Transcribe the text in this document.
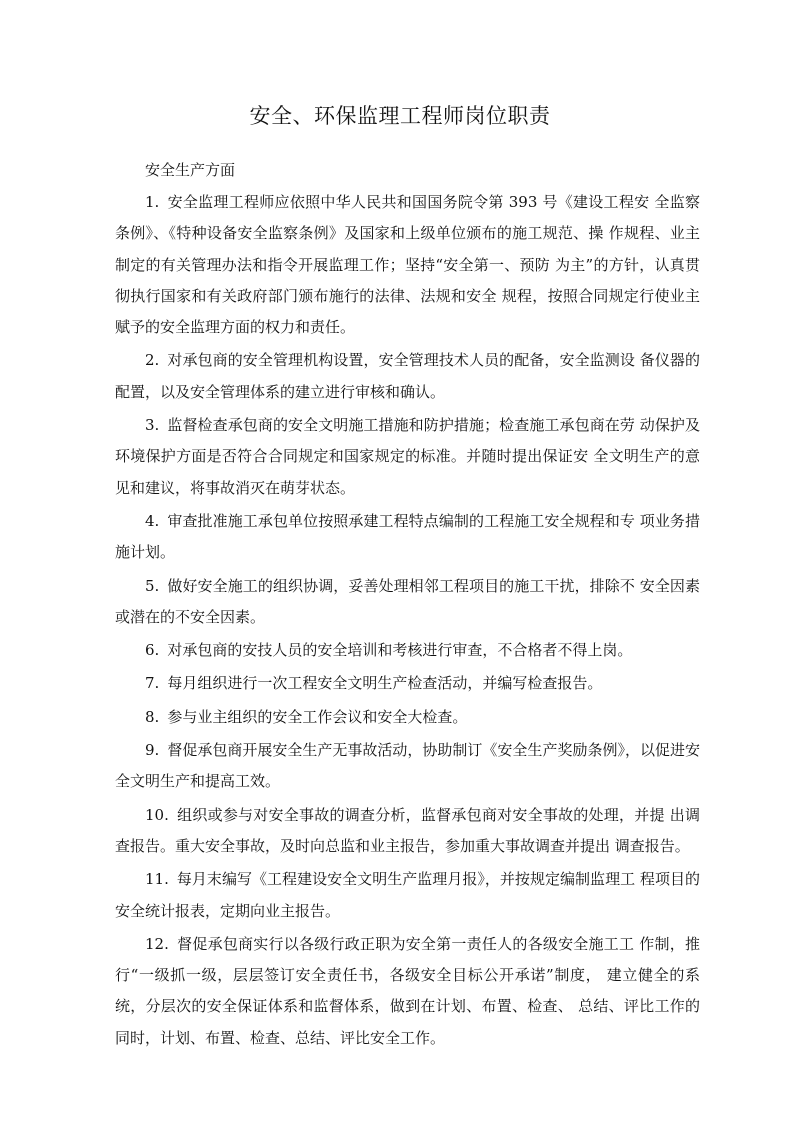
安全、环保监理工程师岗位职责
安全生产方面
1. 安全监理工程师应依照中华人民共和国国务院令第 393 号《建设工程安 全监察条例》、《特种设备安全监察条例》及国家和上级单位颁布的施工规范、操 作规程、业主制定的有关管理办法和指令开展监理工作；坚持“安全第一、预防 为主”的方针，认真贯彻执行国家和有关政府部门颁布施行的法律、法规和安全 规程，按照合同规定行使业主赋予的安全监理方面的权力和责任。
2. 对承包商的安全管理机构设置，安全管理技术人员的配备，安全监测设 备仪器的配置，以及安全管理体系的建立进行审核和确认。
3. 监督检查承包商的安全文明施工措施和防护措施；检查施工承包商在劳 动保护及环境保护方面是否符合合同规定和国家规定的标准。并随时提出保证安 全文明生产的意见和建议，将事故消灭在萌芽状态。
4. 审查批准施工承包单位按照承建工程特点编制的工程施工安全规程和专 项业务措施计划。
5. 做好安全施工的组织协调，妥善处理相邻工程项目的施工干扰，排除不 安全因素或潜在的不安全因素。
6. 对承包商的安技人员的安全培训和考核进行审查，不合格者不得上岗。
7. 每月组织进行一次工程安全文明生产检查活动，并编写检查报告。
8. 参与业主组织的安全工作会议和安全大检查。
9. 督促承包商开展安全生产无事故活动，协助制订《安全生产奖励条例》，以促进安全文明生产和提高工效。
10. 组织或参与对安全事故的调查分析，监督承包商对安全事故的处理，并提 出调查报告。重大安全事故，及时向总监和业主报告，参加重大事故调查并提出 调查报告。
11. 每月末编写《工程建设安全文明生产监理月报》，并按规定编制监理工 程项目的安全统计报表，定期向业主报告。
12. 督促承包商实行以各级行政正职为安全第一责任人的各级安全施工工 作制，推行“一级抓一级，层层签订安全责任书，各级安全目标公开承诺”制度， 建立健全的系统，分层次的安全保证体系和监督体系，做到在计划、布置、检查、 总结、评比工作的同时，计划、布置、检查、总结、评比安全工作。
